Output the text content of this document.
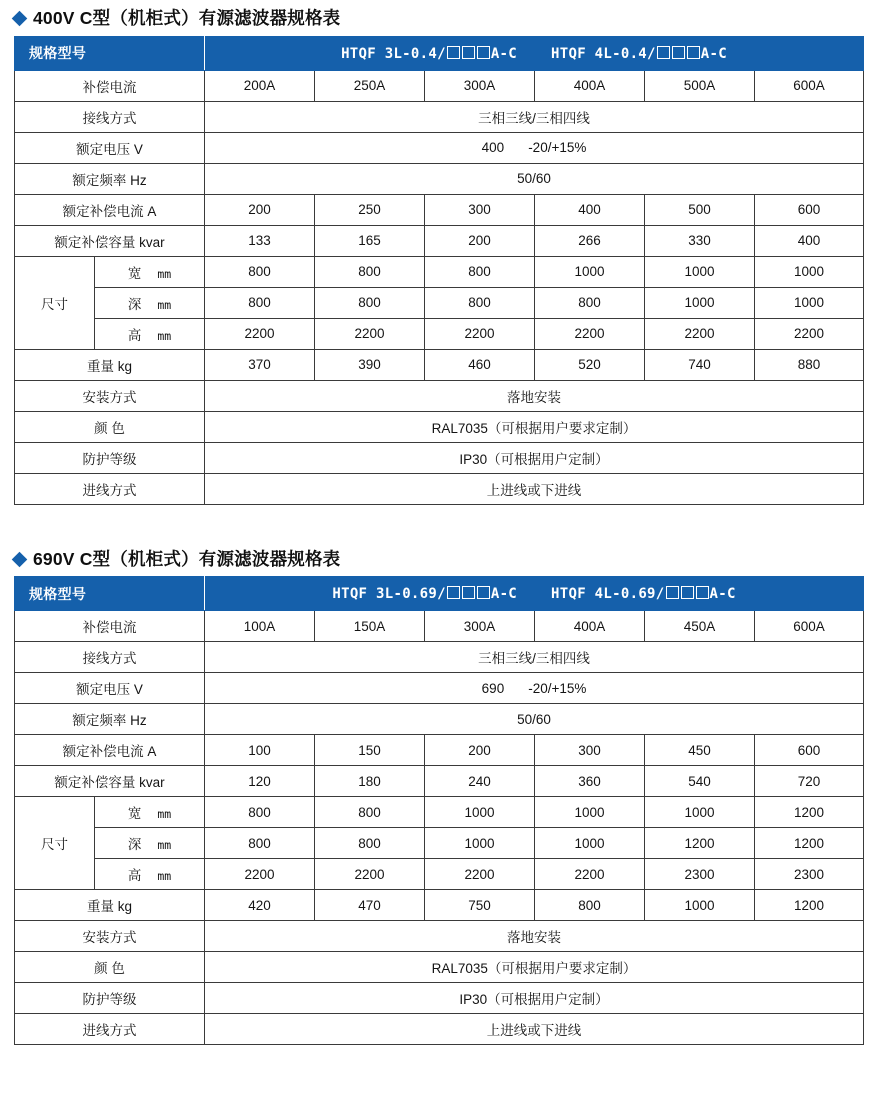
400V C型（机柜式）有源滤波器规格表
规格型号		HTQF 3L-0.4/ A-C HTQF 4L-0.4/ A-C					
补偿电流		200A	250A	300A	400A	500A	600A
接线方式		三相三线/三相四线					
额定电压 V		400 -20/+15%					
额定频率 Hz		50/60					
额定补偿电流 A		200	250	300	400	500	600
额定补偿容量 kvar		133	165	200	266	330	400
尺寸	宽 mm	800	800	800	1000	1000	1000
	深 mm	800	800	800	800	1000	1000
	高 mm	2200	2200	2200	2200	2200	2200
重量 kg		370	390	460	520	740	880
安装方式		落地安装					
颜 色		RAL7035（可根据用户要求定制）					
防护等级		IP30（可根据用户定制）					
进线方式		上进线或下进线					
690V C型（机柜式）有源滤波器规格表
规格型号		HTQF 3L-0.69/ A-C HTQF 4L-0.69/ A-C					
补偿电流		100A	150A	300A	400A	450A	600A
接线方式		三相三线/三相四线					
额定电压 V		690 -20/+15%					
额定频率 Hz		50/60					
额定补偿电流 A		100	150	200	300	450	600
额定补偿容量 kvar		120	180	240	360	540	720
尺寸	宽 mm	800	800	1000	1000	1000	1200
	深 mm	800	800	1000	1000	1200	1200
	高 mm	2200	2200	2200	2200	2300	2300
重量 kg		420	470	750	800	1000	1200
安装方式		落地安装					
颜 色		RAL7035（可根据用户要求定制）					
防护等级		IP30（可根据用户定制）					
进线方式		上进线或下进线					
